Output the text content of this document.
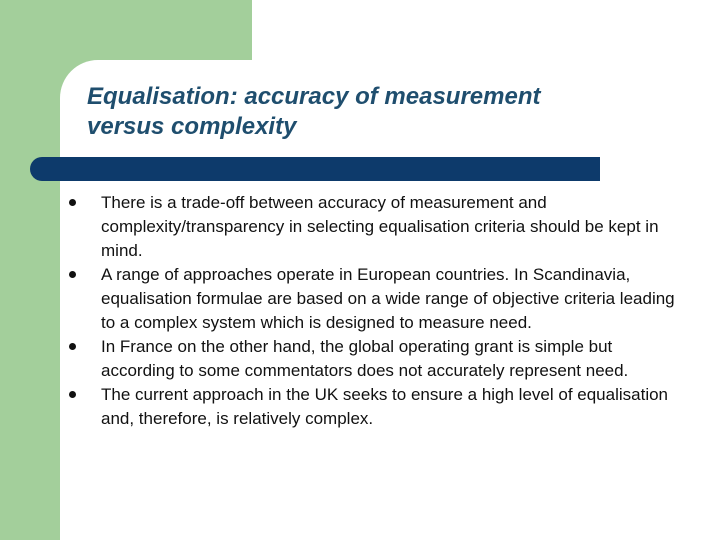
Equalisation: accuracy of measurement
versus complexity
There is a trade-off between accuracy of measurement and complexity/transparency in selecting equalisation criteria should be kept in mind.
A range of approaches operate in European countries. In Scandinavia, equalisation formulae are based on a wide range of objective criteria leading to a complex system which is designed to measure need.
In France on the other hand, the global operating grant is simple but according to some commentators does not accurately represent need.
The current approach in the UK seeks to ensure a high level of equalisation and, therefore, is relatively complex.
